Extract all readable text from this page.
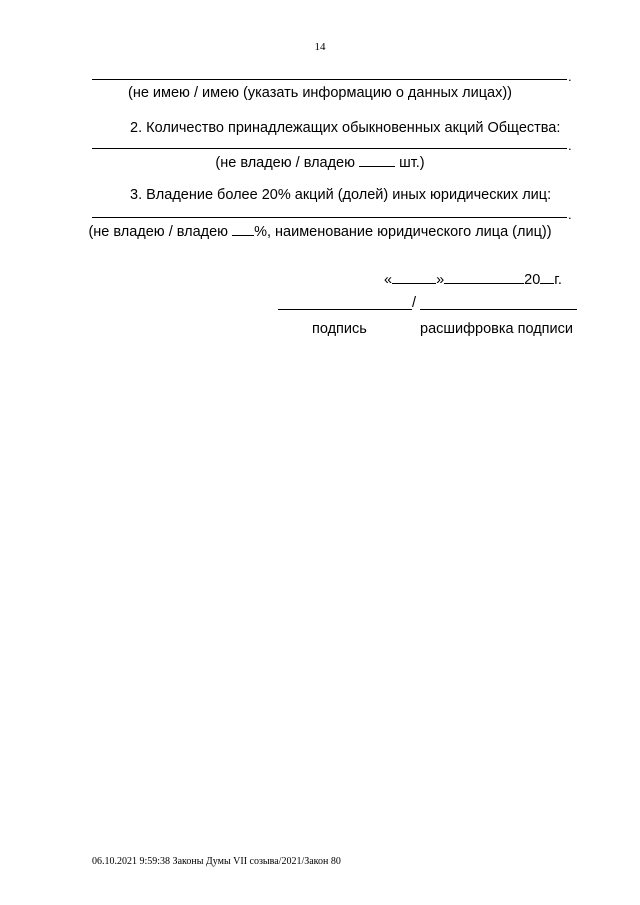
14
.
(не имею / имею (указать информацию о данных лицах))
2. Количество принадлежащих обыкновенных акций Общества:
.
(не владею / владею	шт.)
3. Владение более 20% акций (долей) иных юридических лиц:
.
(не владею / владею %, наименование юридического лица (лиц))
«	»	20 г.
/
подпись	расшифровка подписи
06.10.2021 9:59:38 Законы Думы VII созыва/2021/Закон 80
